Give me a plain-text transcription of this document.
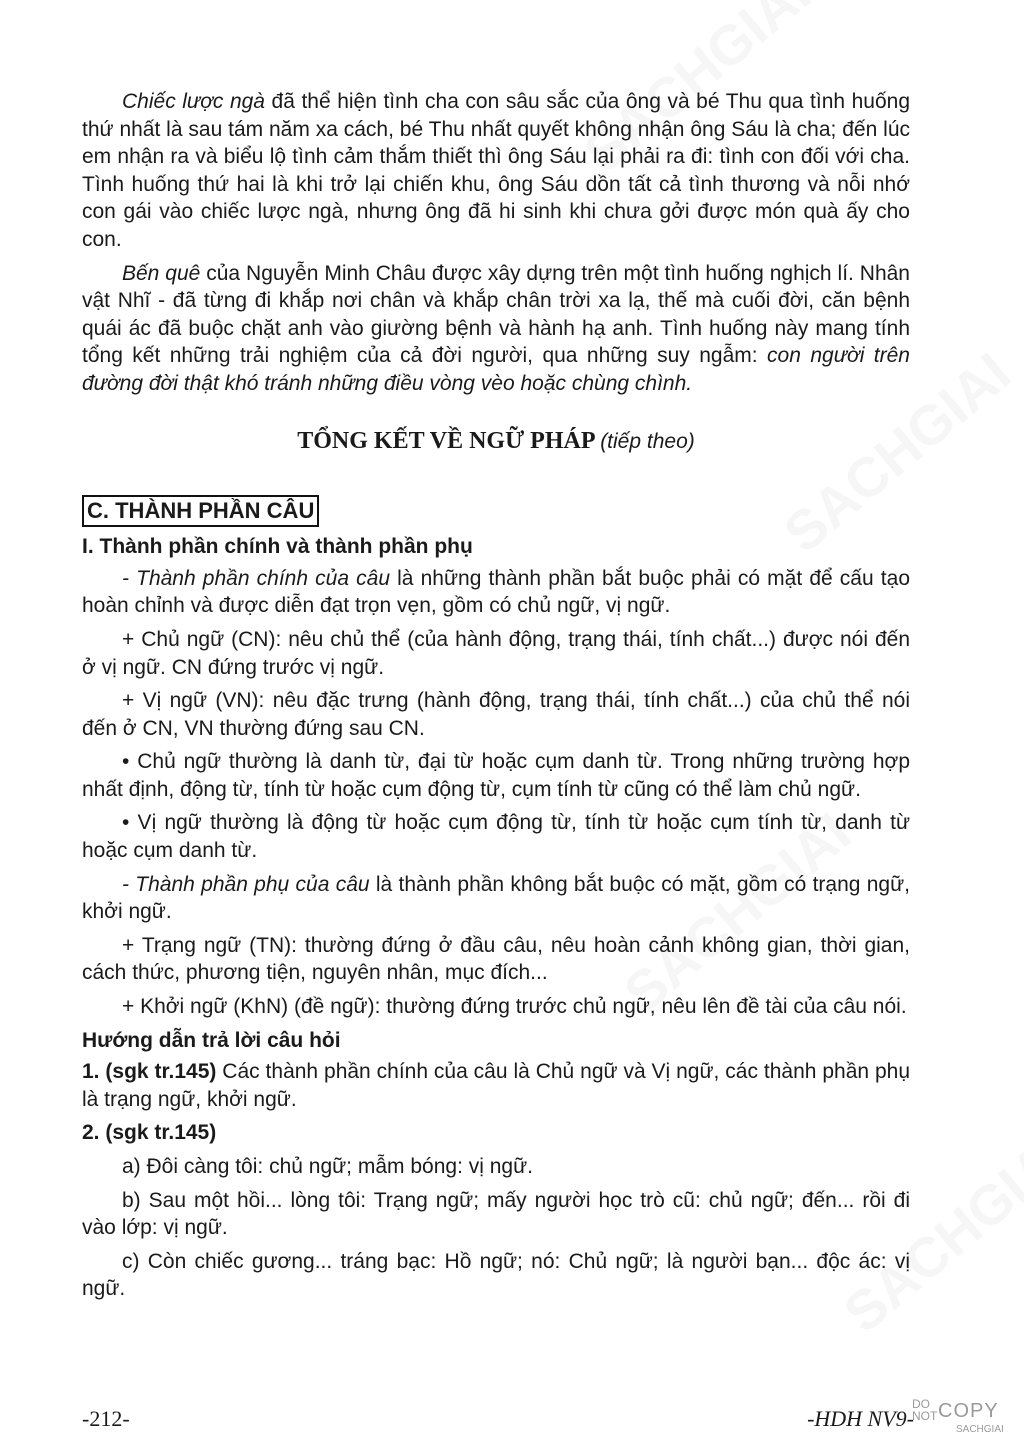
Chiếc lược ngà đã thể hiện tình cha con sâu sắc của ông và bé Thu qua tình huống thứ nhất là sau tám năm xa cách, bé Thu nhất quyết không nhận ông Sáu là cha; đến lúc em nhận ra và biểu lộ tình cảm thắm thiết thì ông Sáu lại phải ra đi: tình con đối với cha. Tình huống thứ hai là khi trở lại chiến khu, ông Sáu dồn tất cả tình thương và nỗi nhớ con gái vào chiếc lược ngà, nhưng ông đã hi sinh khi chưa gởi được món quà ấy cho con.

Bến quê của Nguyễn Minh Châu được xây dựng trên một tình huống nghịch lí. Nhân vật Nhĩ - đã từng đi khắp nơi chân và khắp chân trời xa lạ, thế mà cuối đời, căn bệnh quái ác đã buộc chặt anh vào giường bệnh và hành hạ anh. Tình huống này mang tính tổng kết những trải nghiệm của cả đời người, qua những suy ngẫm: con người trên đường đời thật khó tránh những điều vòng vèo hoặc chùng chình.

TỔNG KẾT VỀ NGỮ PHÁP (tiếp theo)
C. THÀNH PHẦN CÂU
I. Thành phần chính và thành phần phụ

- Thành phần chính của câu là những thành phần bắt buộc phải có mặt để cấu tạo hoàn chỉnh và được diễn đạt trọn vẹn, gồm có chủ ngữ, vị ngữ.

+ Chủ ngữ (CN): nêu chủ thể (của hành động, trạng thái, tính chất...) được nói đến ở vị ngữ. CN đứng trước vị ngữ.

+ Vị ngữ (VN): nêu đặc trưng (hành động, trạng thái, tính chất...) của chủ thể nói đến ở CN, VN thường đứng sau CN.

• Chủ ngữ thường là danh từ, đại từ hoặc cụm danh từ. Trong những trường hợp nhất định, động từ, tính từ hoặc cụm động từ, cụm tính từ cũng có thể làm chủ ngữ.

• Vị ngữ thường là động từ hoặc cụm động từ, tính từ hoặc cụm tính từ, danh từ hoặc cụm danh từ.

- Thành phần phụ của câu là thành phần không bắt buộc có mặt, gồm có trạng ngữ, khởi ngữ.

+ Trạng ngữ (TN): thường đứng ở đầu câu, nêu hoàn cảnh không gian, thời gian, cách thức, phương tiện, nguyên nhân, mục đích...

+ Khởi ngữ (KhN) (đề ngữ): thường đứng trước chủ ngữ, nêu lên đề tài của câu nói.

Hướng dẫn trả lời câu hỏi

1. (sgk tr.145) Các thành phần chính của câu là Chủ ngữ và Vị ngữ, các thành phần phụ là trạng ngữ, khởi ngữ.

2. (sgk tr.145)

a) Đôi càng tôi: chủ ngữ; mẫm bóng: vị ngữ.

b) Sau một hồi... lòng tôi: Trạng ngữ; mấy người học trò cũ: chủ ngữ; đến... rồi đi vào lớp: vị ngữ.

c) Còn chiếc gương... tráng bạc: Hồ ngữ; nó: Chủ ngữ; là người bạn... độc ác: vị ngữ.

-212-	-HDH NV9-
DO
NOT COPY
SACHGIAI
